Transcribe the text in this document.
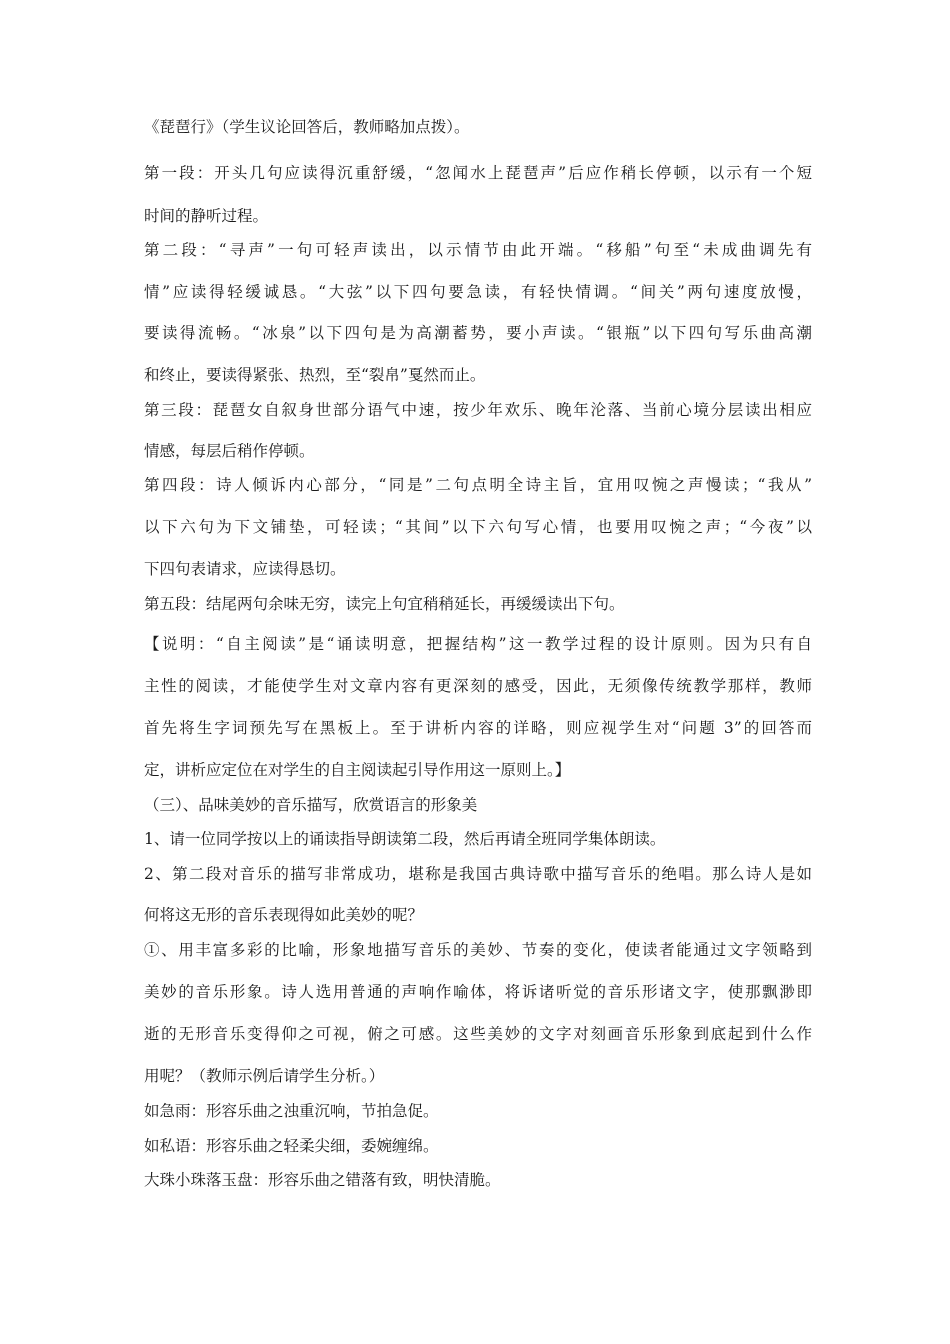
《琵琶行》（学生议论回答后，教师略加点拨）。
第一段：开头几句应读得沉重舒缓，“忽闻水上琵琶声”后应作稍长停顿，以示有一个短
时间的静听过程。
第二段：“寻声”一句可轻声读出，以示情节由此开端。“移船”句至“未成曲调先有
情”应读得轻缓诚恳。“大弦”以下四句要急读，有轻快情调。“间关”两句速度放慢，
要读得流畅。“冰泉”以下四句是为高潮蓄势，要小声读。“银瓶”以下四句写乐曲高潮
和终止，要读得紧张、热烈，至“裂帛”戛然而止。
第三段：琵琶女自叙身世部分语气中速，按少年欢乐、晚年沦落、当前心境分层读出相应
情感，每层后稍作停顿。
第四段：诗人倾诉内心部分，“同是”二句点明全诗主旨，宜用叹惋之声慢读；“我从”
以下六句为下文铺垫，可轻读；“其间”以下六句写心情，也要用叹惋之声；“今夜”以
下四句表请求，应读得恳切。
第五段：结尾两句余味无穷，读完上句宜稍稍延长，再缓缓读出下句。
【说明：“自主阅读”是“诵读明意，把握结构”这一教学过程的设计原则。因为只有自
主性的阅读，才能使学生对文章内容有更深刻的感受，因此，无须像传统教学那样，教师
首先将生字词预先写在黑板上。至于讲析内容的详略，则应视学生对“问题 3”的回答而
定，讲析应定位在对学生的自主阅读起引导作用这一原则上。】
（三）、品味美妙的音乐描写，欣赏语言的形象美
1、请一位同学按以上的诵读指导朗读第二段，然后再请全班同学集体朗读。
2、第二段对音乐的描写非常成功，堪称是我国古典诗歌中描写音乐的绝唱。那么诗人是如
何将这无形的音乐表现得如此美妙的呢？
①、用丰富多彩的比喻，形象地描写音乐的美妙、节奏的变化，使读者能通过文字领略到
美妙的音乐形象。诗人选用普通的声响作喻体，将诉诸听觉的音乐形诸文字，使那飘渺即
逝的无形音乐变得仰之可视，俯之可感。这些美妙的文字对刻画音乐形象到底起到什么作
用呢？（教师示例后请学生分析。）
如急雨：形容乐曲之浊重沉响，节拍急促。
如私语：形容乐曲之轻柔尖细，委婉缠绵。
大珠小珠落玉盘：形容乐曲之错落有致，明快清脆。
